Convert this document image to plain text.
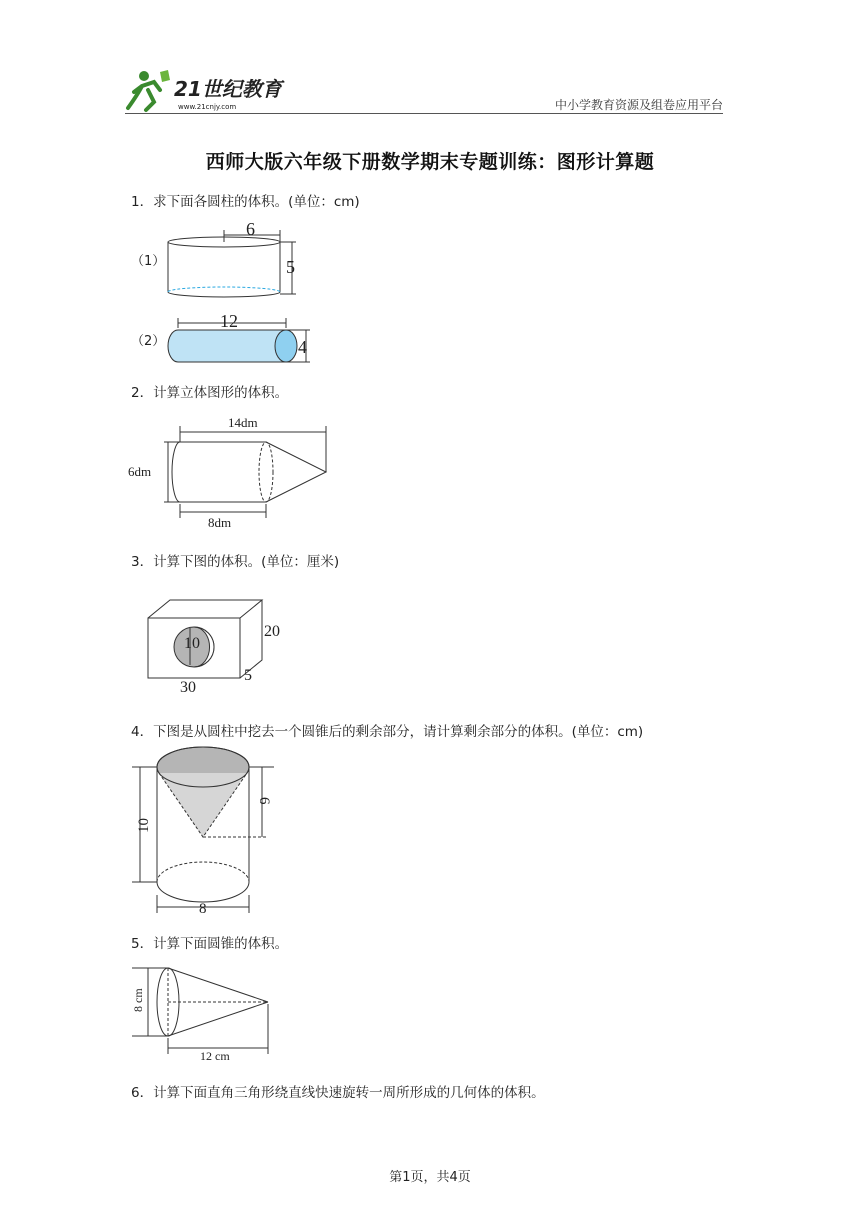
21世纪教育
www.21cnjy.com	中小学教育资源及组卷应用平台
西师大版六年级下册数学期末专题训练：图形计算题
1．求下面各圆柱的体积。(单位：cm)
（1）
6
5
（2）
12
4
2．计算立体图形的体积。
14dm
6dm
8dm
3．计算下图的体积。(单位：厘米)
10
20
30
5
4．下图是从圆柱中挖去一个圆锥后的剩余部分，请计算剩余部分的体积。(单位：cm)
10
6
8
5．计算下面圆锥的体积。
8 cm
12 cm
6．计算下面直角三角形绕直线快速旋转一周所形成的几何体的体积。
第1页，共4页
